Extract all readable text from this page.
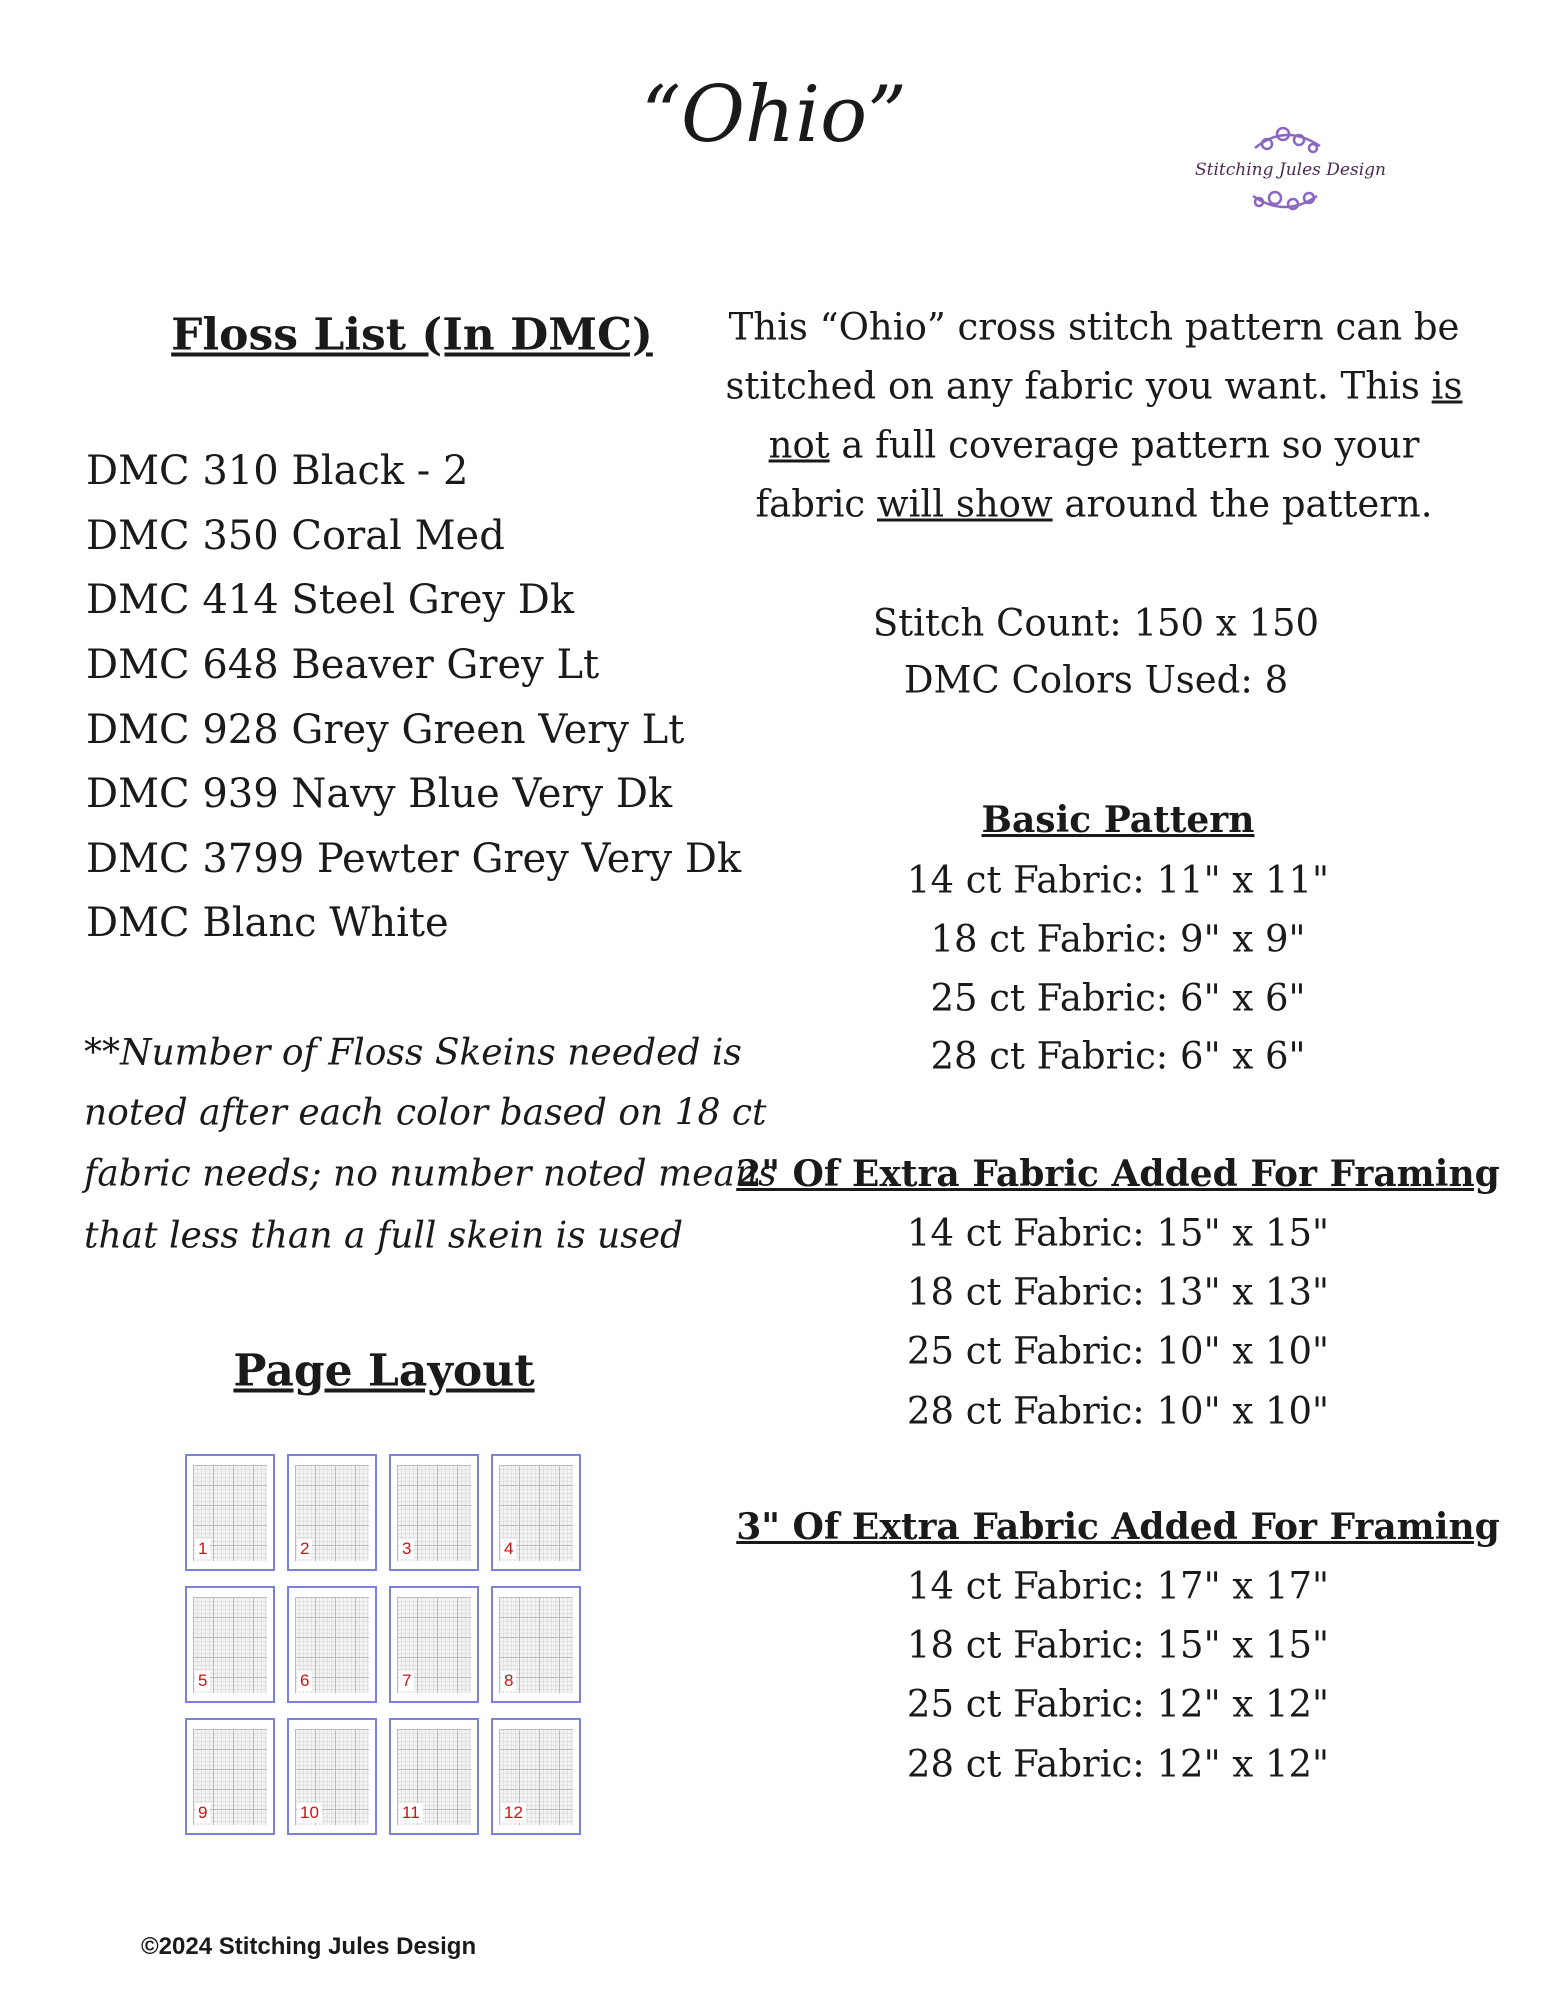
“Ohio”
Stitching Jules Design
Floss List (In DMC)
DMC 310 Black - 2
DMC 350 Coral Med
DMC 414 Steel Grey Dk
DMC 648 Beaver Grey Lt
DMC 928 Grey Green Very Lt
DMC 939 Navy Blue Very Dk
DMC 3799 Pewter Grey Very Dk
DMC Blanc White
**Number of Floss Skeins needed is
noted after each color based on 18 ct
fabric needs; no number noted means
that less than a full skein is used
Page Layout
1	2	3	4
5	6	7	8
9	10	11	12
This “Ohio” cross stitch pattern can be
stitched on any fabric you want. This is
not a full coverage pattern so your
fabric will show around the pattern.
Stitch Count: 150 x 150
DMC Colors Used: 8
Basic Pattern
14 ct Fabric: 11" x 11"
18 ct Fabric: 9" x 9"
25 ct Fabric: 6" x 6"
28 ct Fabric: 6" x 6"
2" Of Extra Fabric Added For Framing
14 ct Fabric: 15" x 15"
18 ct Fabric: 13" x 13"
25 ct Fabric: 10" x 10"
28 ct Fabric: 10" x 10"
3" Of Extra Fabric Added For Framing
14 ct Fabric: 17" x 17"
18 ct Fabric: 15" x 15"
25 ct Fabric: 12" x 12"
28 ct Fabric: 12" x 12"
©2024 Stitching Jules Design
